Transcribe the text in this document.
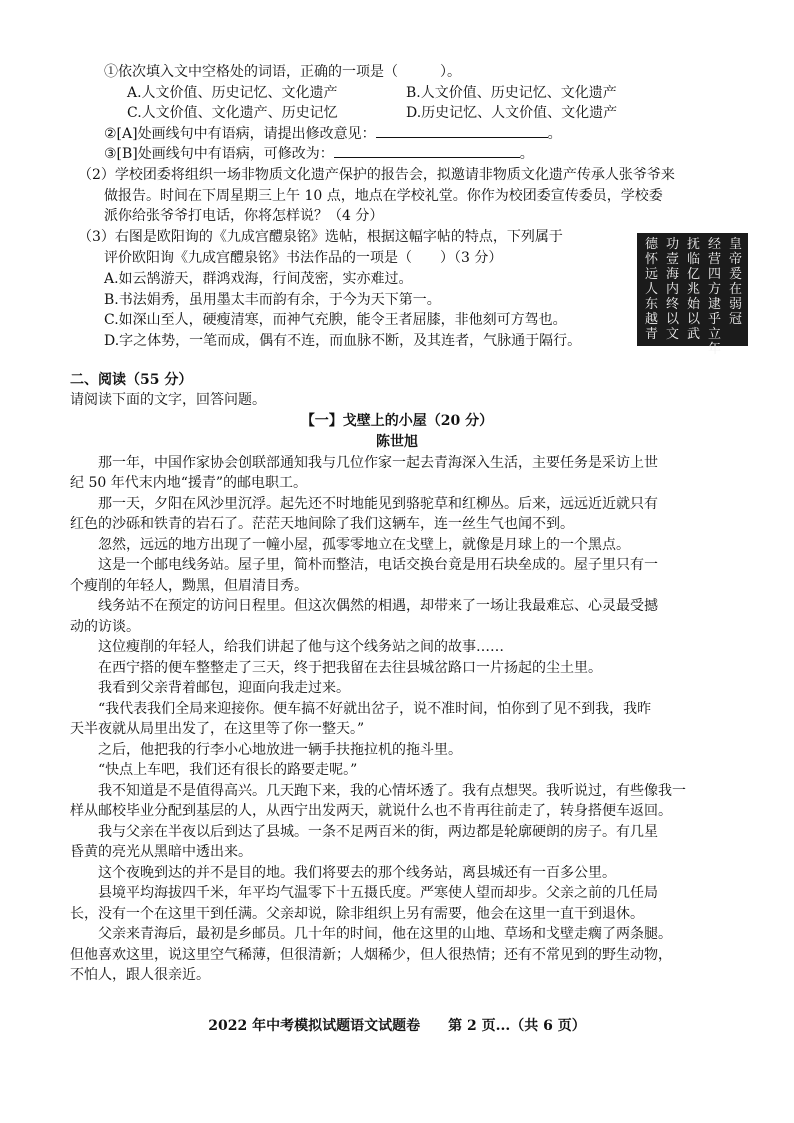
①依次填入文中空格处的词语，正确的一项是（　　　）。
A.人文价值、历史记忆、文化遗产	B.人文价值、历史记忆、文化遗产
C.人文价值、文化遗产、历史记忆	D.历史记忆、人文价值、文化遗产
②[A]处画线句中有语病，请提出修改意见：	。
③[B]处画线句中有语病，可修改为：	。
（2）学校团委将组织一场非物质文化遗产保护的报告会，拟邀请非物质文化遗产传承人张爷爷来
做报告。时间在下周星期三上午 10 点，地点在学校礼堂。你作为校团委宣传委员，学校委
派你给张爷爷打电话，你将怎样说？（4 分）
（3）右图是欧阳询的《九成宫醴泉铭》选帖，根据这幅字帖的特点，下列属于
评价欧阳询《九成宫醴泉铭》书法作品的一项是（　　）（3 分）
A.如云鹄游天，群鸿戏海，行间茂密，实亦难过。
B.书法娟秀，虽用墨太丰而韵有余，于今为天下第一。
C.如深山至人，硬瘦清寒，而神气充腴，能令王者屈膝，非他刻可方驾也。
D.字之体势，一笔而成，偶有不连，而血脉不断，及其连者，气脉通于隔行。
皇帝爰在弱冠
经营四方逮乎立年
抚临亿兆始以武
功壹海内终以文
德怀远人东越青
二、阅读（55 分）
请阅读下面的文字，回答问题。
【一】戈壁上的小屋（20 分）
陈世旭
　　那一年，中国作家协会创联部通知我与几位作家一起去青海深入生活，主要任务是采访上世
纪 50 年代末内地“援青”的邮电职工。
　　那一天，夕阳在风沙里沉浮。起先还不时地能见到骆驼草和红柳丛。后来，远远近近就只有
红色的沙砾和铁青的岩石了。茫茫天地间除了我们这辆车，连一丝生气也闻不到。
　　忽然，远远的地方出现了一幢小屋，孤零零地立在戈壁上，就像是月球上的一个黑点。
　　这是一个邮电线务站。屋子里，简朴而整洁，电话交换台竟是用石块垒成的。屋子里只有一
个瘦削的年轻人，黝黑，但眉清目秀。
　　线务站不在预定的访问日程里。但这次偶然的相遇，却带来了一场让我最难忘、心灵最受撼
动的访谈。
　　这位瘦削的年轻人，给我们讲起了他与这个线务站之间的故事……
　　在西宁搭的便车整整走了三天，终于把我留在去往县城岔路口一片扬起的尘土里。
　　我看到父亲背着邮包，迎面向我走过来。
　　“我代表我们全局来迎接你。便车搞不好就出岔子，说不准时间，怕你到了见不到我，我昨
天半夜就从局里出发了，在这里等了你一整天。”
　　之后，他把我的行李小心地放进一辆手扶拖拉机的拖斗里。
　　“快点上车吧，我们还有很长的路要走呢。”
　　我不知道是不是值得高兴。几天跑下来，我的心情坏透了。我有点想哭。我听说过，有些像我一
样从邮校毕业分配到基层的人，从西宁出发两天，就说什么也不肯再往前走了，转身搭便车返回。
　　我与父亲在半夜以后到达了县城。一条不足两百米的街，两边都是轮廓硬朗的房子。有几星
昏黄的亮光从黑暗中透出来。
　　这个夜晚到达的并不是目的地。我们将要去的那个线务站，离县城还有一百多公里。
　　县境平均海拔四千米，年平均气温零下十五摄氏度。严寒使人望而却步。父亲之前的几任局
长，没有一个在这里干到任满。父亲却说，除非组织上另有需要，他会在这里一直干到退休。
　　父亲来青海后，最初是乡邮员。几十年的时间，他在这里的山地、草场和戈壁走瘸了两条腿。
但他喜欢这里，说这里空气稀薄，但很清新；人烟稀少，但人很热情；还有不常见到的野生动物，
不怕人，跟人很亲近。
2022 年中考模拟试题语文试题卷　　第 2 页...（共 6 页）
